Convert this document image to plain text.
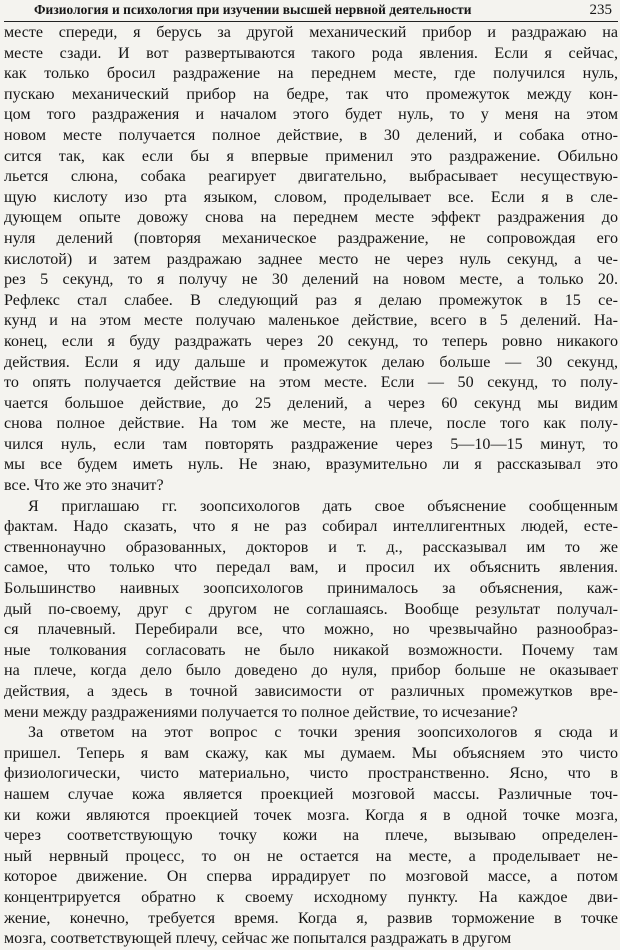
Физиология и психология при изучении высшей нервной деятельности	235
месте спереди, я берусь за другой механический прибор и раздражаю на
месте сзади. И вот развертываются такого рода явления. Если я сейчас,
как только бросил раздражение на переднем месте, где получился нуль,
пускаю механический прибор на бедре, так что промежуток между кон-
цом того раздражения и началом этого будет нуль, то у меня на этом
новом месте получается полное действие, в 30 делений, и собака отно-
сится так, как если бы я впервые применил это раздражение. Обильно
льется слюна, собака реагирует двигательно, выбрасывает несуществую-
щую кислоту изо рта языком, словом, проделывает все. Если я в сле-
дующем опыте довожу снова на переднем месте эффект раздражения до
нуля делений (повторяя механическое раздражение, не сопровождая его
кислотой) и затем раздражаю заднее место не через нуль секунд, а че-
рез 5 секунд, то я получу не 30 делений на новом месте, а только 20.
Рефлекс стал слабее. В следующий раз я делаю промежуток в 15 се-
кунд и на этом месте получаю маленькое действие, всего в 5 делений. На-
конец, если я буду раздражать через 20 секунд, то теперь ровно никакого
действия. Если я иду дальше и промежуток делаю больше — 30 секунд,
то опять получается действие на этом месте. Если — 50 секунд, то полу-
чается большое действие, до 25 делений, а через 60 секунд мы видим
снова полное действие. На том же месте, на плече, после того как полу-
чился нуль, если там повторять раздражение через 5—10—15 минут, то
мы все будем иметь нуль. Не знаю, вразумительно ли я рассказывал это
все. Что же это значит?
Я приглашаю гг. зоопсихологов дать свое объяснение сообщенным
фактам. Надо сказать, что я не раз собирал интеллигентных людей, есте-
ственнонаучно образованных, докторов и т. д., рассказывал им то же
самое, что только что передал вам, и просил их объяснить явления.
Большинство наивных зоопсихологов принималось за объяснения, каж-
дый по-своему, друг с другом не соглашаясь. Вообще результат получал-
ся плачевный. Перебирали все, что можно, но чрезвычайно разнообраз-
ные толкования согласовать не было никакой возможности. Почему там
на плече, когда дело было доведено до нуля, прибор больше не оказывает
действия, а здесь в точной зависимости от различных промежутков вре-
мени между раздражениями получается то полное действие, то исчезание?
За ответом на этот вопрос с точки зрения зоопсихологов я сюда и
пришел. Теперь я вам скажу, как мы думаем. Мы объясняем это чисто
физиологически, чисто материально, чисто пространственно. Ясно, что в
нашем случае кожа является проекцией мозговой массы. Различные точ-
ки кожи являются проекцией точек мозга. Когда я в одной точке мозга,
через соответствующую точку кожи на плече, вызываю определен-
ный нервный процесс, то он не остается на месте, а проделывает не-
которое движение. Он сперва иррадирует по мозговой массе, а потом
концентрируется обратно к своему исходному пункту. На каждое дви-
жение, конечно, требуется время. Когда я, развив торможение в точке
мозга, соответствующей плечу, сейчас же попытался раздражать в другом
